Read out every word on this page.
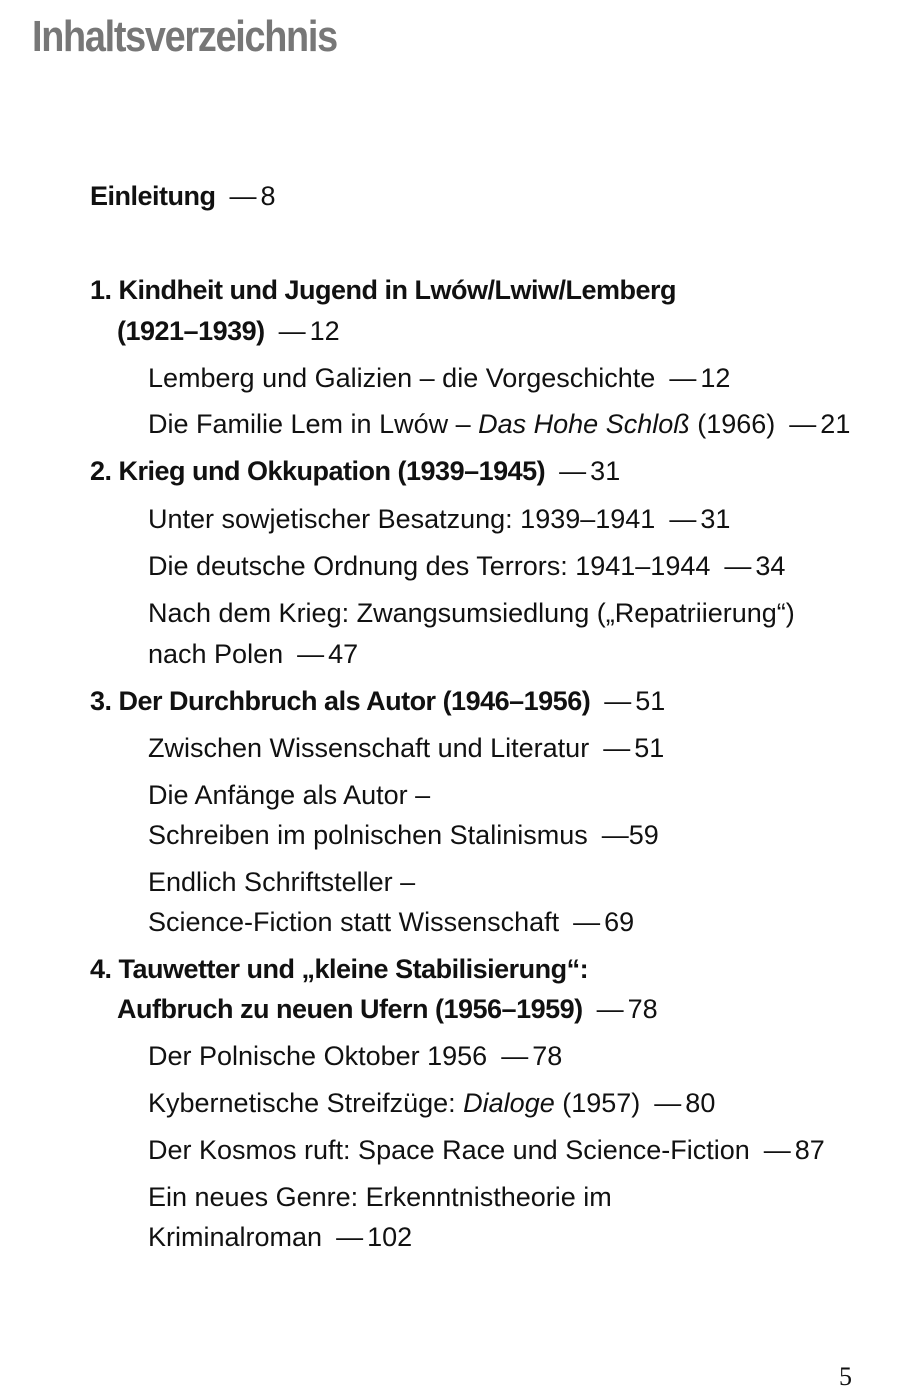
Inhaltsverzeichnis
Einleitung — 8
1. Kindheit und Jugend in Lwów/Lwiw/Lemberg
(1921–1939) — 12
Lemberg und Galizien – die Vorgeschichte — 12
Die Familie Lem in Lwów – Das Hohe Schloß (1966) — 21
2. Krieg und Okkupation (1939–1945) — 31
Unter sowjetischer Besatzung: 1939–1941 — 31
Die deutsche Ordnung des Terrors: 1941–1944 — 34
Nach dem Krieg: Zwangsumsiedlung („Repatriierung“)
nach Polen — 47
3. Der Durchbruch als Autor (1946–1956) — 51
Zwischen Wissenschaft und Literatur — 51
Die Anfänge als Autor –
Schreiben im polnischen Stalinismus —59
Endlich Schriftsteller –
Science-Fiction statt Wissenschaft — 69
4. Tauwetter und „kleine Stabilisierung“:
Aufbruch zu neuen Ufern (1956–1959) — 78
Der Polnische Oktober 1956 — 78
Kybernetische Streifzüge: Dialoge (1957) — 80
Der Kosmos ruft: Space Race und Science-Fiction — 87
Ein neues Genre: Erkenntnistheorie im
Kriminalroman — 102
5
